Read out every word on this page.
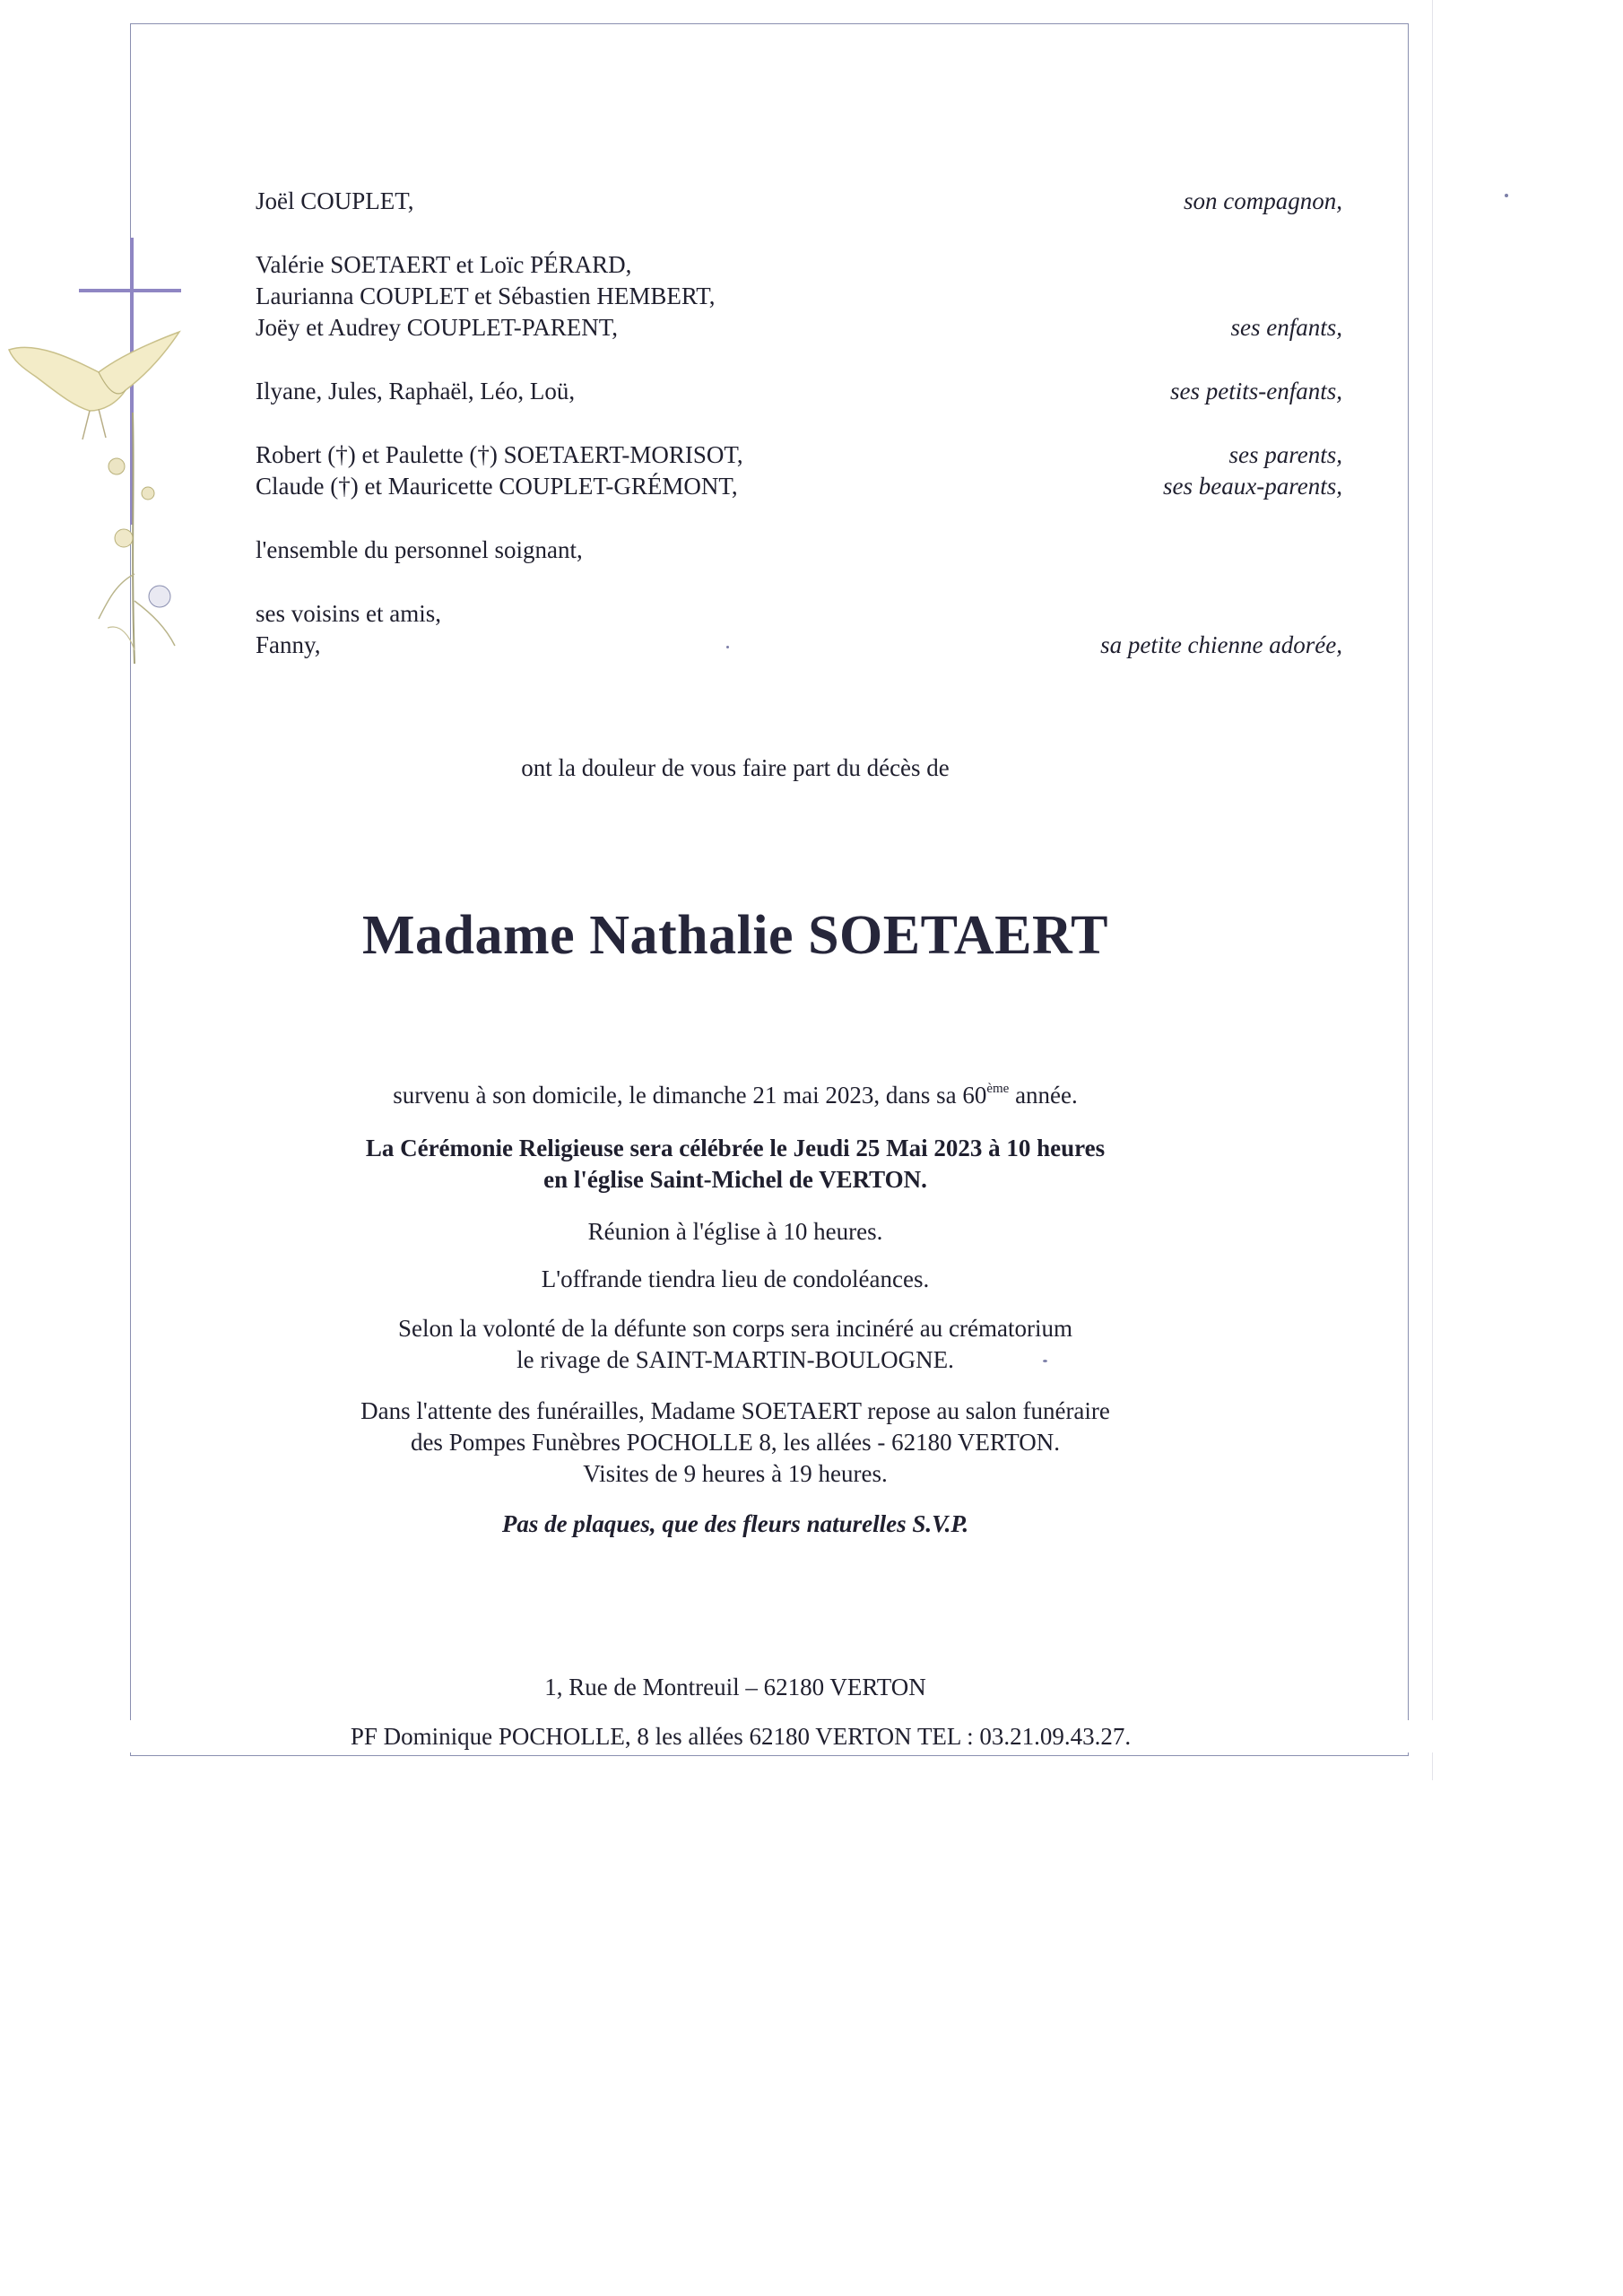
Joël COUPLET,	son compagnon,
Valérie SOETAERT et Loïc PÉRARD,
Laurianna COUPLET et Sébastien HEMBERT,
Joëy et Audrey COUPLET-PARENT,	ses enfants,
Ilyane, Jules, Raphaël, Léo, Loü,	ses petits-enfants,
Robert (†) et Paulette (†) SOETAERT-MORISOT,	ses parents,
Claude (†) et Mauricette COUPLET-GRÉMONT,	ses beaux-parents,
l'ensemble du personnel soignant,
ses voisins et amis,
Fanny,	sa petite chienne adorée,
ont la douleur de vous faire part du décès de
Madame Nathalie SOETAERT
survenu à son domicile, le dimanche 21 mai 2023, dans sa 60ème année.
La Cérémonie Religieuse sera célébrée le Jeudi 25 Mai 2023 à 10 heures
en l'église Saint-Michel de VERTON.
Réunion à l'église à 10 heures.
L'offrande tiendra lieu de condoléances.
Selon la volonté de la défunte son corps sera incinéré au crématorium
le rivage de SAINT-MARTIN-BOULOGNE.
Dans l'attente des funérailles, Madame SOETAERT repose au salon funéraire
des Pompes Funèbres POCHOLLE 8, les allées - 62180 VERTON.
Visites de 9 heures à 19 heures.
Pas de plaques, que des fleurs naturelles S.V.P.
1, Rue de Montreuil – 62180 VERTON
PF Dominique POCHOLLE, 8 les allées 62180 VERTON TEL : 03.21.09.43.27.
